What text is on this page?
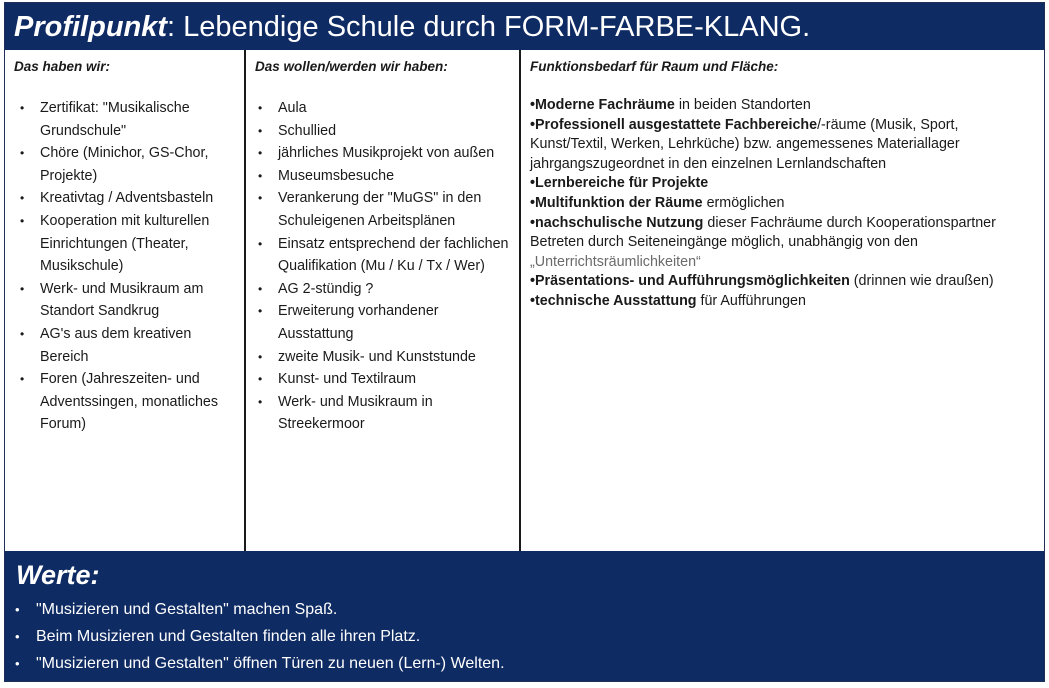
Profilpunkt: Lebendige Schule durch FORM-FARBE-KLANG.
Das haben wir:
• Zertifikat: "Musikalische Grundschule"
• Chöre (Minichor, GS-Chor, Projekte)
• Kreativtag / Adventsbasteln
• Kooperation mit kulturellen Einrichtungen (Theater, Musikschule)
• Werk- und Musikraum am Standort Sandkrug
• AG's aus dem kreativen Bereich
• Foren (Jahreszeiten- und Adventssingen, monatliches Forum)
Das wollen/werden wir haben:
• Aula
• Schullied
• jährliches Musikprojekt von außen
• Museumsbesuche
• Verankerung der "MuGS" in den Schuleigenen Arbeitsplänen
• Einsatz entsprechend der fachlichen Qualifikation (Mu / Ku / Tx / Wer)
• AG 2-stündig ?
• Erweiterung vorhandener Ausstattung
• zweite Musik- und Kunststunde
• Kunst- und Textilraum
• Werk- und Musikraum in Streekermoor
Funktionsbedarf für Raum und Fläche:

•Moderne Fachräume in beiden Standorten

•Professionell ausgestattete Fachbereiche/-räume (Musik, Sport, Kunst/Textil, Werken, Lehrküche) bzw. angemessenes Materiallager jahrgangszugeordnet in den einzelnen Lernlandschaften

•Lernbereiche für Projekte

•Multifunktion der Räume ermöglichen

•nachschulische Nutzung dieser Fachräume durch Kooperationspartner Betreten durch Seiteneingänge möglich, unabhängig von den

„Unterrichtsräumlichkeiten“

•Präsentations- und Aufführungsmöglichkeiten (drinnen wie draußen)

•technische Ausstattung für Aufführungen

Werte:
• "Musizieren und Gestalten" machen Spaß.
• Beim Musizieren und Gestalten finden alle ihren Platz.
• "Musizieren und Gestalten" öffnen Türen zu neuen (Lern-) Welten.
